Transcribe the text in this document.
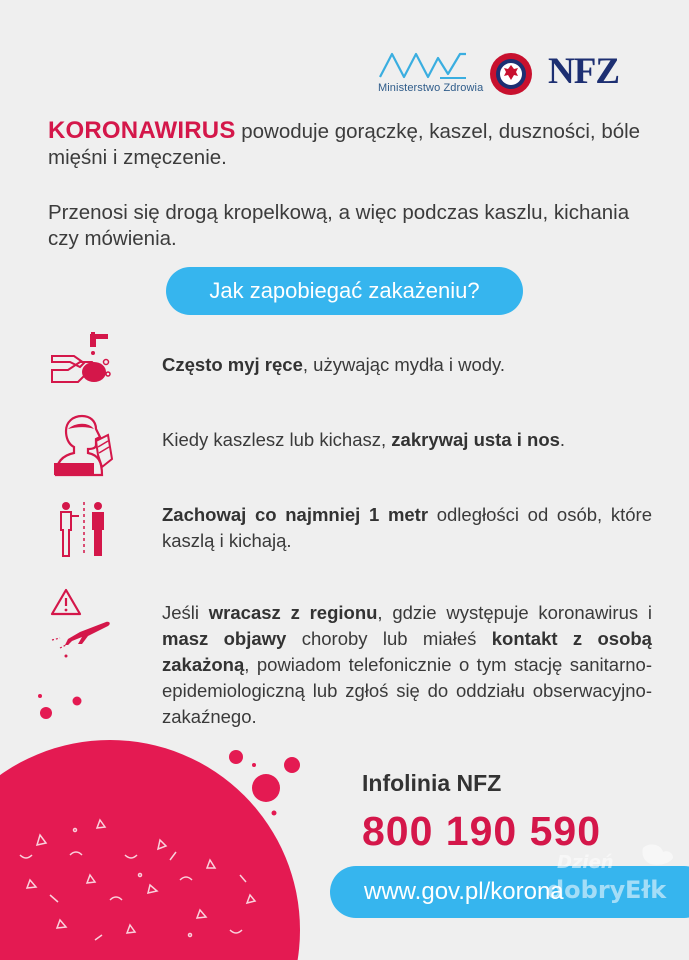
Ministerstwo Zdrowia NFZ
KORONAWIRUS powoduje gorączkę, kaszel, duszności, bóle mięśni i zmęczenie.
Przenosi się drogą kropelkową, a więc podczas kaszlu, kichania czy mówienia.
Jak zapobiegać zakażeniu?
Często myj ręce, używając mydła i wody.
Kiedy kaszlesz lub kichasz, zakrywaj usta i nos.
Zachowaj co najmniej 1 metr odległości od osób, które kaszlą i kichają.
Jeśli wracasz z regionu, gdzie występuje koronawirus i masz objawy choroby lub miałeś kontakt z osobą zakażoną, powiadom telefonicznie o tym stację sanitarno-epidemiologiczną lub zgłoś się do oddziału obserwacyjno-zakaźnego.
Infolinia NFZ
800 190 590
www.gov.pl/korona
Dzień
dobry Ełk
